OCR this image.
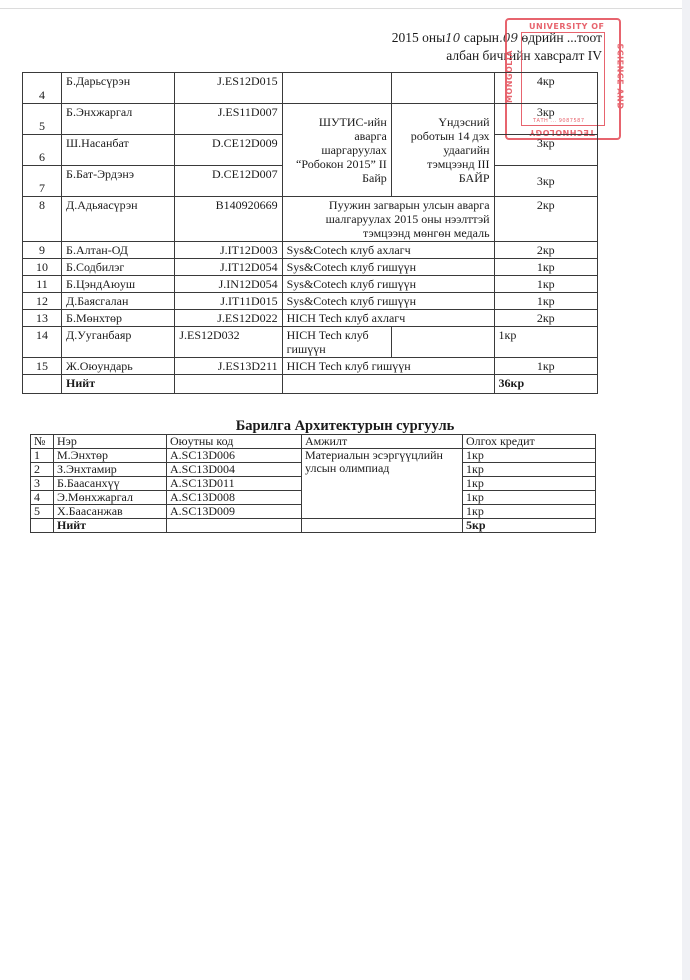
2015 оны10 сарын.09 өдрийн ...тоот
албан бичгийн хавсралт IV
UNIVERSITY OF
SCIENCE AND
TECHNOLOGY
MONGOLIA
ТАТН ... 9087587
4	Б.Дарьсүрэн	J.ES12D015			4кр
5	Б.Энхжаргал	J.ES11D007	ШУТИС-ийн аварга шаргаруулах “Робокон 2015” II Байр	Үндэсний роботын 14 дэх удаагийн тэмцээнд III БАЙР	3кр
6	Ш.Насанбат	D.CE12D009			3кр
7	Б.Бат-Эрдэнэ	D.CE12D007			3кр
8	Д.Адьяасүрэн	B140920669	Пуужин загварын улсын аварга шалгаруулах 2015 оны нээлттэй тэмцээнд мөнгөн медаль		2кр
9	Б.Алтан-ОД	J.IT12D003	Sys&Cotech клуб ахлагч		2кр
10	Б.Содбилэг	J.IT12D054	Sys&Cotech клуб гишүүн		1кр
11	Б.ЦэндАюуш	J.IN12D054	Sys&Cotech клуб гишүүн		1кр
12	Д.Баясгалан	J.IT11D015	Sys&Cotech клуб гишүүн		1кр
13	Б.Мөнхтөр	J.ES12D022	HICH Tech клуб ахлагч		2кр
14	Д.Ууганбаяр	J.ES12D032	HICH Tech клуб гишүүн		1кр
15	Ж.Оюундарь	J.ES13D211	HICH Tech клуб гишүүн		1кр
	Нийт				36кр
Барилга Архитектурын сургууль
№	Нэр	Оюутны код	Амжилт	Олгох кредит
1	М.Энхтөр	A.SC13D006	Материалын эсэргүүцлийн улсын олимпиад	1кр
2	З.Энхтамир	A.SC13D004		1кр
3	Б.Баасанхүү	A.SC13D011		1кр
4	Э.Мөнхжаргал	A.SC13D008		1кр
5	Х.Баасанжав	A.SC13D009		1кр
	Нийт			5кр
